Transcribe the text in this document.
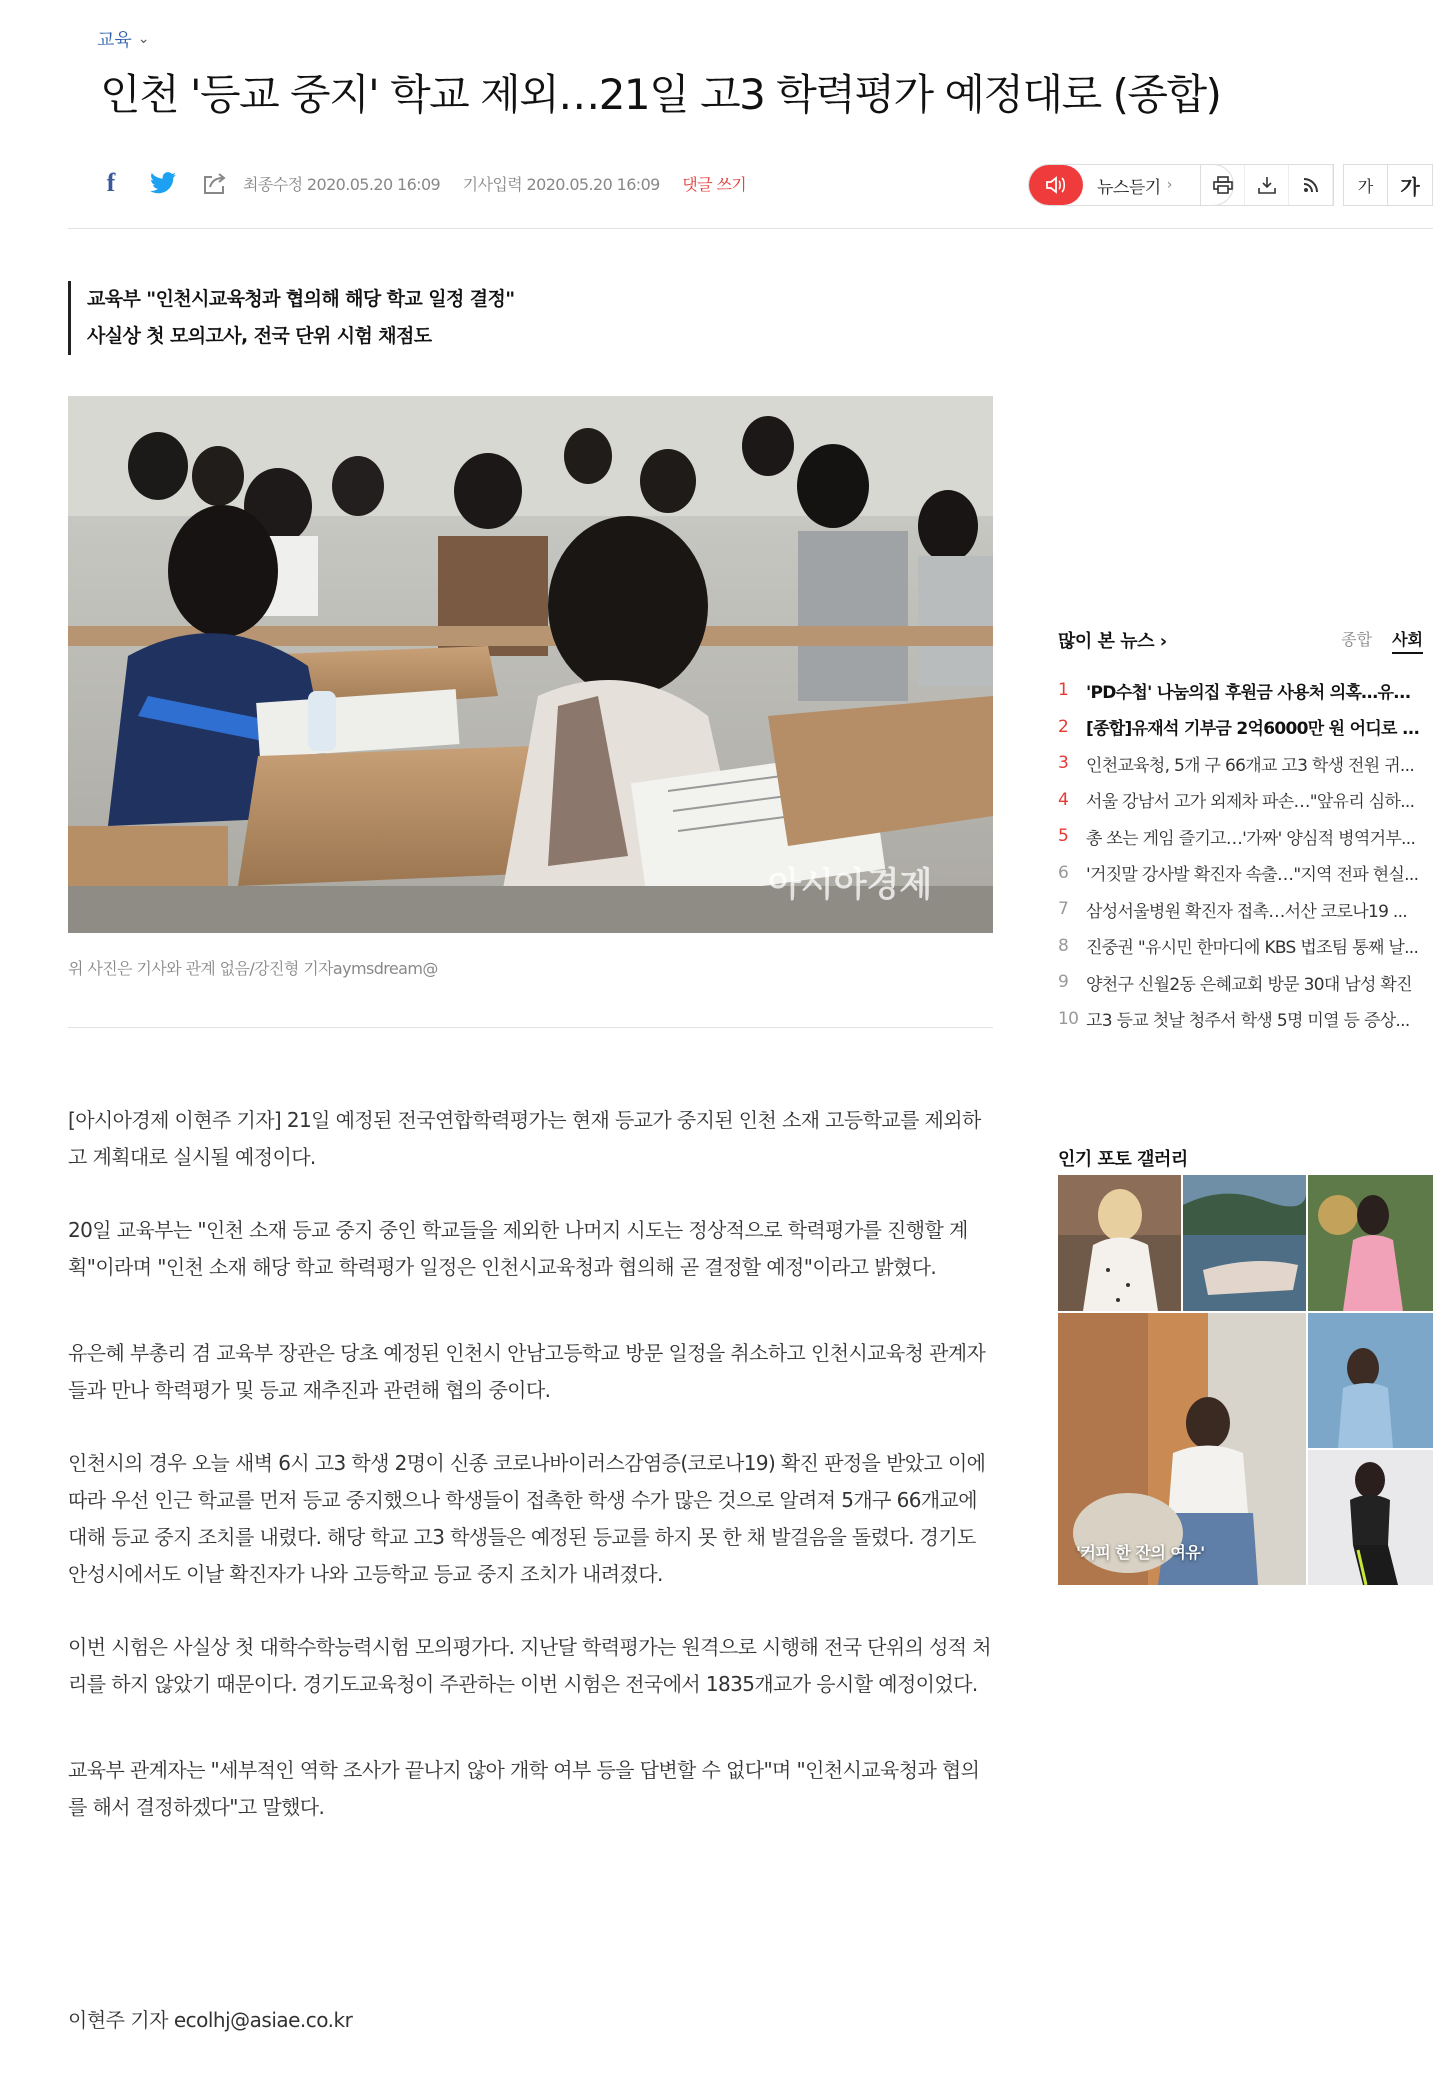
교육 ⌄
인천 '등교 중지' 학교 제외…21일 고3 학력평가 예정대로 (종합)
f	최종수정 2020.05.20 16:09 기사입력 2020.05.20 16:09 댓글 쓰기	뉴스듣기 ›	가	가
교육부 "인천시교육청과 협의해 해당 학교 일정 결정"
사실상 첫 모의고사, 전국 단위 시험 채점도
아시아경제
위 사진은 기사와 관계 없음/강진형 기자aymsdream@

[아시아경제 이현주 기자] 21일 예정된 전국연합학력평가는 현재 등교가 중지된 인천 소재 고등학교를 제외하고 계획대로 실시될 예정이다.

20일 교육부는 "인천 소재 등교 중지 중인 학교들을 제외한 나머지 시도는 정상적으로 학력평가를 진행할 계획"이라며 "인천 소재 해당 학교 학력평가 일정은 인천시교육청과 협의해 곧 결정할 예정"이라고 밝혔다.

유은혜 부총리 겸 교육부 장관은 당초 예정된 인천시 안남고등학교 방문 일정을 취소하고 인천시교육청 관계자들과 만나 학력평가 및 등교 재추진과 관련해 협의 중이다.

인천시의 경우 오늘 새벽 6시 고3 학생 2명이 신종 코로나바이러스감염증(코로나19) 확진 판정을 받았고 이에 따라 우선 인근 학교를 먼저 등교 중지했으나 학생들이 접촉한 학생 수가 많은 것으로 알려져 5개구 66개교에 대해 등교 중지 조치를 내렸다. 해당 학교 고3 학생들은 예정된 등교를 하지 못 한 채 발걸음을 돌렸다. 경기도 안성시에서도 이날 확진자가 나와 고등학교 등교 중지 조치가 내려졌다.

이번 시험은 사실상 첫 대학수학능력시험 모의평가다. 지난달 학력평가는 원격으로 시행해 전국 단위의 성적 처리를 하지 않았기 때문이다. 경기도교육청이 주관하는 이번 시험은 전국에서 1835개교가 응시할 예정이었다.

교육부 관계자는 "세부적인 역학 조사가 끝나지 않아 개학 여부 등을 답변할 수 없다"며 "인천시교육청과 협의를 해서 결정하겠다"고 말했다.

이현주 기자 ecolhj@asiae.co.kr
많이 본 뉴스 ›	종합 사회
1	'PD수첩' 나눔의집 후원금 사용처 의혹…유...
2	[종합]유재석 기부금 2억6000만 원 어디로 ...
3	인천교육청, 5개 구 66개교 고3 학생 전원 귀...
4	서울 강남서 고가 외제차 파손…"앞유리 심하...
5	총 쏘는 게임 즐기고…'가짜' 양심적 병역거부...
6	'거짓말 강사발 확진자 속출…"지역 전파 현실...
7	삼성서울병원 확진자 접촉…서산 코로나19 ...
8	진중권 "유시민 한마디에 KBS 법조팀 통째 날...
9	양천구 신월2동 은혜교회 방문 30대 남성 확진
10 고3 등교 첫날 청주서 학생 5명 미열 등 증상...
인기 포토 갤러리
'커피 한 잔의 여유'
